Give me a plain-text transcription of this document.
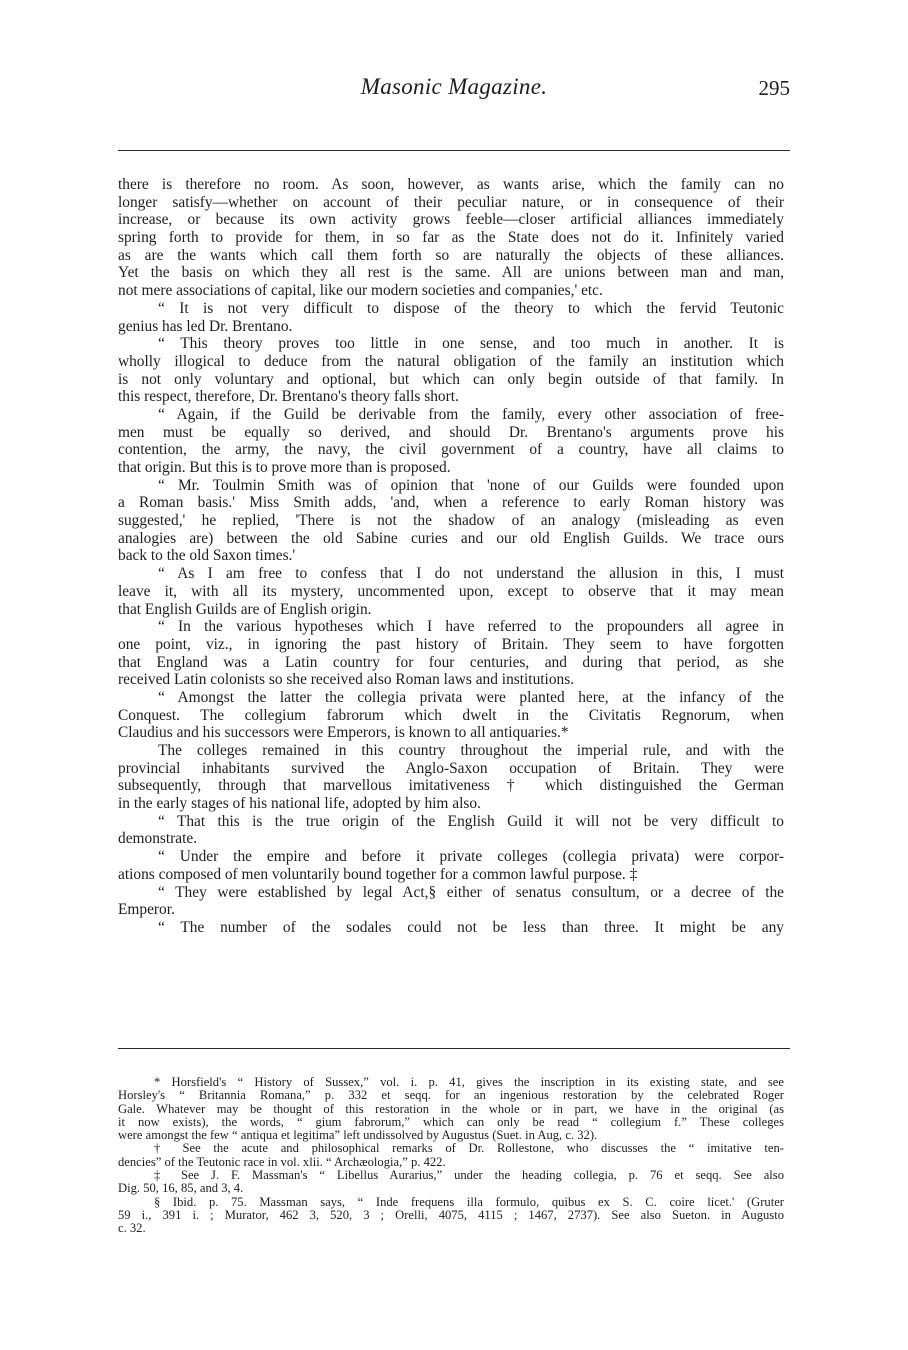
Masonic Magazine.	295
there is therefore no room. As soon, however, as wants arise, which the family can no
longer satisfy—whether on account of their peculiar nature, or in consequence of their
increase, or because its own activity grows feeble—closer artificial alliances immediately
spring forth to provide for them, in so far as the State does not do it. Infinitely varied
as are the wants which call them forth so are naturally the objects of these alliances.
Yet the basis on which they all rest is the same. All are unions between man and man,
not mere associations of capital, like our modern societies and companies,' etc.
“ It is not very difficult to dispose of the theory to which the fervid Teutonic
genius has led Dr. Brentano.
“ This theory proves too little in one sense, and too much in another. It is
wholly illogical to deduce from the natural obligation of the family an institution which
is not only voluntary and optional, but which can only begin outside of that family. In
this respect, therefore, Dr. Brentano's theory falls short.
“ Again, if the Guild be derivable from the family, every other association of free-
men must be equally so derived, and should Dr. Brentano's arguments prove his
contention, the army, the navy, the civil government of a country, have all claims to
that origin. But this is to prove more than is proposed.
“ Mr. Toulmin Smith was of opinion that 'none of our Guilds were founded upon
a Roman basis.' Miss Smith adds, 'and, when a reference to early Roman history was
suggested,' he replied, 'There is not the shadow of an analogy (misleading as even
analogies are) between the old Sabine curies and our old English Guilds. We trace ours
back to the old Saxon times.'
“ As I am free to confess that I do not understand the allusion in this, I must
leave it, with all its mystery, uncommented upon, except to observe that it may mean
that English Guilds are of English origin.
“ In the various hypotheses which I have referred to the propounders all agree in
one point, viz., in ignoring the past history of Britain. They seem to have forgotten
that England was a Latin country for four centuries, and during that period, as she
received Latin colonists so she received also Roman laws and institutions.
“ Amongst the latter the collegia privata were planted here, at the infancy of the
Conquest. The collegium fabrorum which dwelt in the Civitatis Regnorum, when
Claudius and his successors were Emperors, is known to all antiquaries.*
The colleges remained in this country throughout the imperial rule, and with the
provincial inhabitants survived the Anglo-Saxon occupation of Britain. They were
subsequently, through that marvellous imitativeness † which distinguished the German
in the early stages of his national life, adopted by him also.
“ That this is the true origin of the English Guild it will not be very difficult to
demonstrate.
“ Under the empire and before it private colleges (collegia privata) were corpor-
ations composed of men voluntarily bound together for a common lawful purpose. ‡
“ They were established by legal Act,§ either of senatus consultum, or a decree of the
Emperor.
“ The number of the sodales could not be less than three. It might be any
* Horsfield's “ History of Sussex,” vol. i. p. 41, gives the inscription in its existing state, and see
Horsley's “ Britannia Romana,” p. 332 et seqq. for an ingenious restoration by the celebrated Roger
Gale. Whatever may be thought of this restoration in the whole or in part, we have in the original (as
it now exists), the words, “ gium fabrorum,” which can only be read “ collegium f.” These colleges
were amongst the few “ antiqua et legitima” left undissolved by Augustus (Suet. in Aug, c. 32).
† See the acute and philosophical remarks of Dr. Rollestone, who discusses the “ imitative ten-
dencies” of the Teutonic race in vol. xlii. “ Archæologia,” p. 422.
‡ See J. F. Massman's “ Libellus Aurarius,” under the heading collegia, p. 76 et seqq. See also
Dig. 50, 16, 85, and 3, 4.
§ Ibid. p. 75. Massman says, “ Inde frequens illa formulo, quibus ex S. C. coire licet.' (Gruter
59 i., 391 i. ; Murator, 462 3, 520, 3 ; Orelli, 4075, 4115 ; 1467, 2737). See also Sueton. in Augusto
c. 32.
